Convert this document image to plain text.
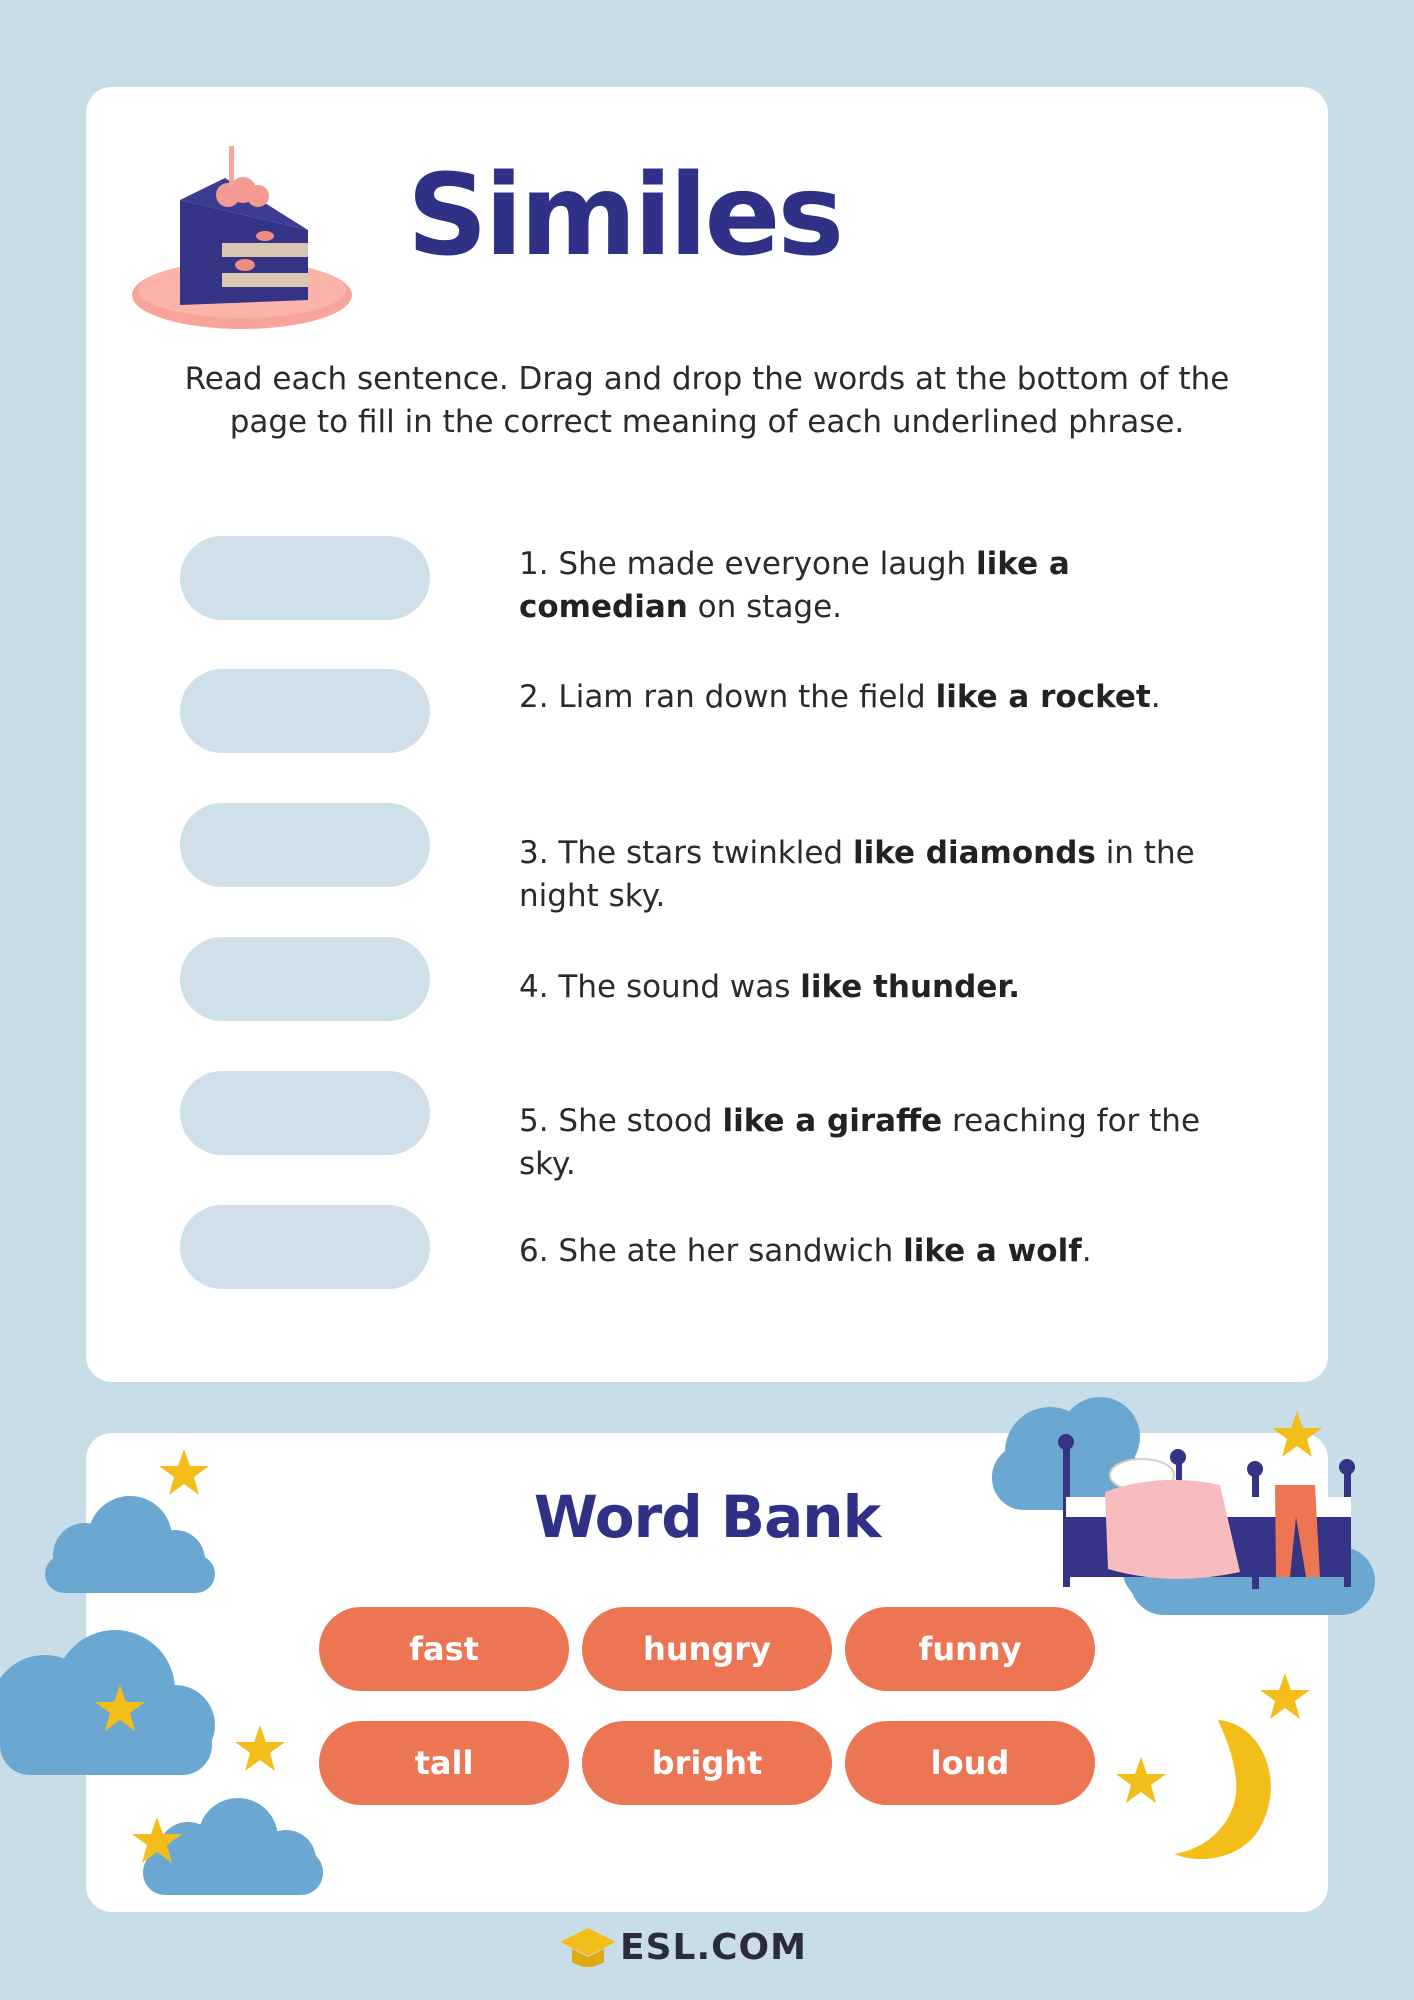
Similes
Read each sentence. Drag and drop the words at the bottom of the page to fill in the correct meaning of each underlined phrase.
1. She made everyone laugh like a comedian on stage.
2. Liam ran down the field like a rocket.
3. The stars twinkled like diamonds in the night sky.
4. The sound was like thunder.
5. She stood like a giraffe reaching for the sky.
6. She ate her sandwich like a wolf.
Word Bank
fast	hungry	funny
tall	bright	loud
ESL.COM
